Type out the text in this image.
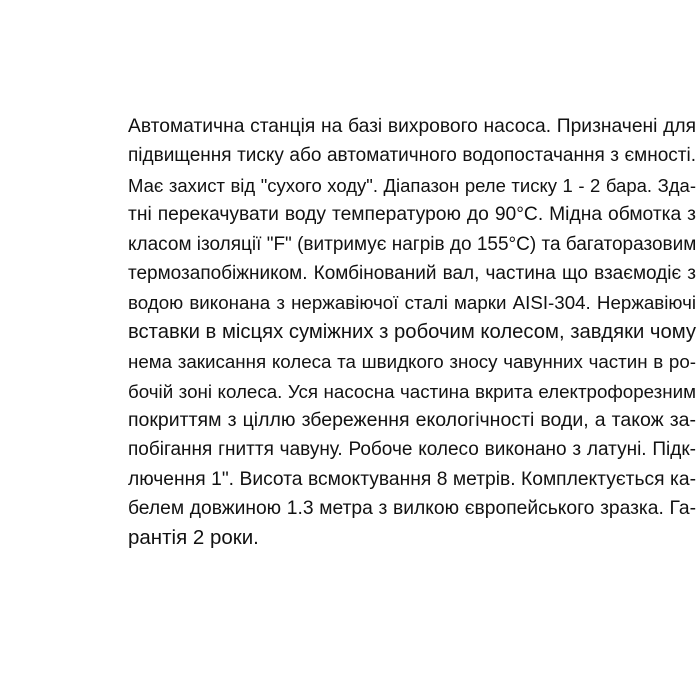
Автоматична станція на базі вихрового насоса. Призначені для
підвищення тиску або автоматичного водопостачання з ємності.
Має захист від "сухого ходу". Діапазон реле тиску 1 - 2 бара. Зда-
тні перекачувати воду температурою до 90°C. Мідна обмотка з
класом ізоляції "F" (витримує нагрів до 155°C) та багаторазовим
термозапобіжником. Комбінований вал, частина що взаємодіє з
водою виконана з нержавіючої сталі марки AISI-304. Нержавіючі
вставки в місцях суміжних з робочим колесом, завдяки чому
нема закисання колеса та швидкого зносу чавунних частин в ро-
бочій зоні колеса. Уся насосна частина вкрита електрофорезним
покриттям з ціллю збереження екологічності води, а також за-
побігання гниття чавуну. Робоче колесо виконано з латуні. Підк-
лючення 1". Висота всмоктування 8 метрів. Комплектується ка-
белем довжиною 1.3 метра з вилкою європейського зразка. Га-
рантія 2 роки.
